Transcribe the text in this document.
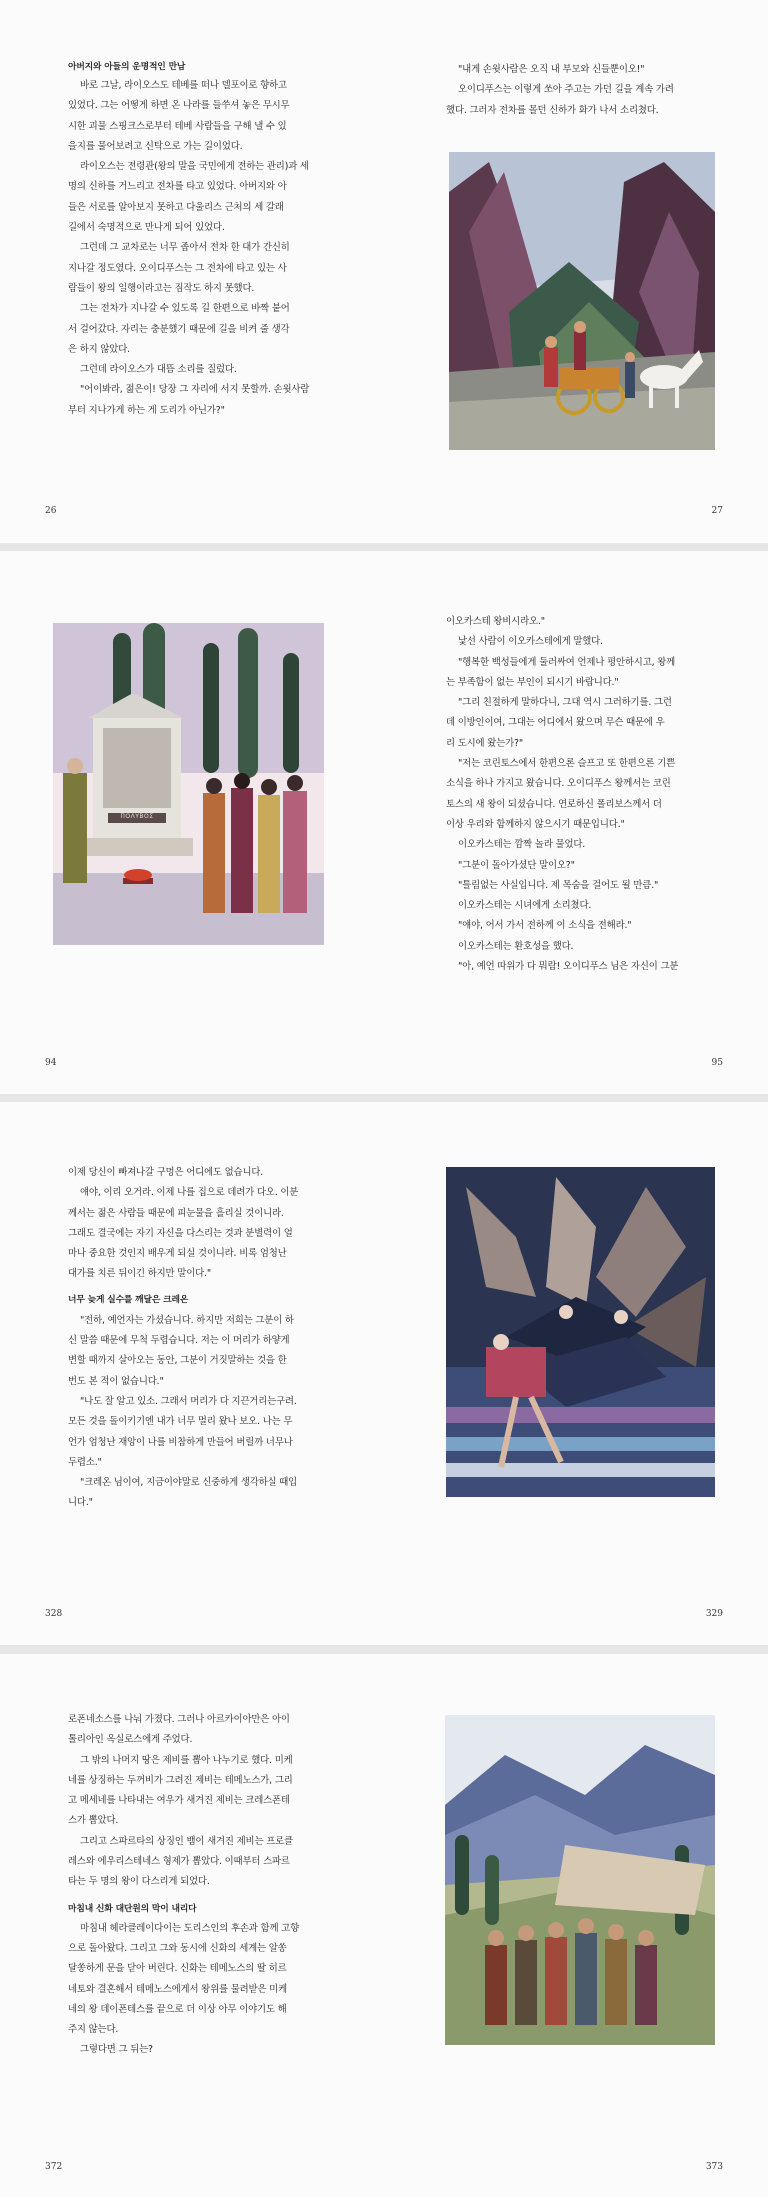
아버지와 아들의 운명적인 만남

바로 그날, 라이오스도 테베를 떠나 델포이로 향하고

있었다. 그는 어떻게 하면 온 나라를 들쑤셔 놓은 무시무

시한 괴물 스핑크스로부터 테베 사람들을 구해 낼 수 있

을지를 물어보려고 신탁으로 가는 길이었다.

라이오스는 전령관(왕의 말을 국민에게 전하는 관리)과 세

명의 신하를 거느리고 전차를 타고 있었다. 아버지와 아

들은 서로를 알아보지 못하고 다울리스 근처의 세 갈래

길에서 숙명적으로 만나게 되어 있었다.

그런데 그 교차로는 너무 좁아서 전차 한 대가 간신히

지나갈 정도였다. 오이디푸스는 그 전차에 타고 있는 사

람들이 왕의 일행이라고는 짐작도 하지 못했다.

그는 전차가 지나갈 수 있도록 길 한편으로 바짝 붙어

서 걸어갔다. 자리는 충분했기 때문에 길을 비켜 줄 생각

은 하지 않았다.

그런데 라이오스가 대뜸 소리를 질렀다.

"어이봐라, 젊은이! 당장 그 자리에 서지 못할까. 손윗사람

부터 지나가게 하는 게 도리가 아닌가?"

"내게 손윗사람은 오직 내 부모와 신들뿐이오!"

오이디푸스는 이렇게 쏘아 주고는 가던 길을 계속 가려

했다. 그러자 전차를 몰던 신하가 화가 나서 소리쳤다.

26	27
ΠΟΛΥΒΟΣ

이오카스테 왕비시라오."

낯선 사람이 이오카스테에게 말했다.

"행복한 백성들에게 둘러싸여 언제나 평안하시고, 왕께

는 부족함이 없는 부인이 되시기 바랍니다."

"그리 친절하게 말하다니, 그대 역시 그러하기를. 그런

데 이방인이여, 그대는 어디에서 왔으며 무슨 때문에 우

리 도시에 왔는가?"

"저는 코린토스에서 한편으론 슬프고 또 한편으론 기쁜

소식을 하나 가지고 왔습니다. 오이디푸스 왕께서는 코린

토스의 새 왕이 되셨습니다. 연로하신 폴리보스께서 더

이상 우리와 함께하지 않으시기 때문입니다."

이오카스테는 깜짝 놀라 물었다.

"그분이 돌아가셨단 말이오?"

"틀림없는 사실입니다. 제 목숨을 걸어도 될 만큼."

이오카스테는 시녀에게 소리쳤다.

"얘야, 어서 가서 전하께 이 소식을 전해라."

이오카스테는 환호성을 했다.

"아, 예언 따위가 다 뭐람! 오이디푸스 님은 자신이 그분

94	95

이제 당신이 빠져나갈 구멍은 어디에도 없습니다.

얘야, 이리 오거라. 이제 나를 집으로 데려가 다오. 이분

께서는 젊은 사람들 때문에 피눈물을 흘리실 것이니라.

그래도 결국에는 자기 자신을 다스리는 것과 분별력이 얼

마나 중요한 것인지 배우게 되실 것이니라. 비록 엄청난

대가를 치른 뒤이긴 하지만 말이다."

너무 늦게 실수를 깨달은 크레온

"전하, 예언자는 가셨습니다. 하지만 저희는 그분이 하

신 말씀 때문에 무척 두렵습니다. 저는 이 머리가 하얗게

변할 때까지 살아오는 동안, 그분이 거짓말하는 것을 한

번도 본 적이 없습니다."

"나도 잘 알고 있소. 그래서 머리가 다 지끈거리는구려.

모든 것을 돌이키기엔 내가 너무 멀리 왔나 보오. 나는 무

언가 엄청난 재앙이 나를 비참하게 만들어 버릴까 너무나

두렵소."

"크레온 님이여, 지금이야말로 신중하게 생각하실 때입

니다."

328	329

로폰네소스를 나눠 가졌다. 그러나 아르카이아만은 아이

톨리아인 옥실로스에게 주었다.

그 밖의 나머지 땅은 제비를 뽑아 나누기로 했다. 미케

네를 상징하는 두꺼비가 그려진 제비는 테메노스가, 그리

고 메세네를 나타내는 여우가 새겨진 제비는 크레스폰테

스가 뽑았다.

그리고 스파르타의 상징인 뱀이 새겨진 제비는 프로클

레스와 에우리스테네스 형제가 뽑았다. 이때부터 스파르

타는 두 명의 왕이 다스리게 되었다.

마침내 신화 대단원의 막이 내리다

마침내 헤라클레이다이는 도리스인의 후손과 함께 고향

으로 돌아왔다. 그리고 그와 동시에 신화의 세계는 알쏭

달쏭하게 문을 닫아 버린다. 신화는 테메노스의 딸 히르

네토와 결혼해서 테메노스에게서 왕위를 물려받은 미케

네의 왕 데이폰테스를 끝으로 더 이상 아무 이야기도 해

주지 않는다.

그렇다면 그 뒤는?

372	373
